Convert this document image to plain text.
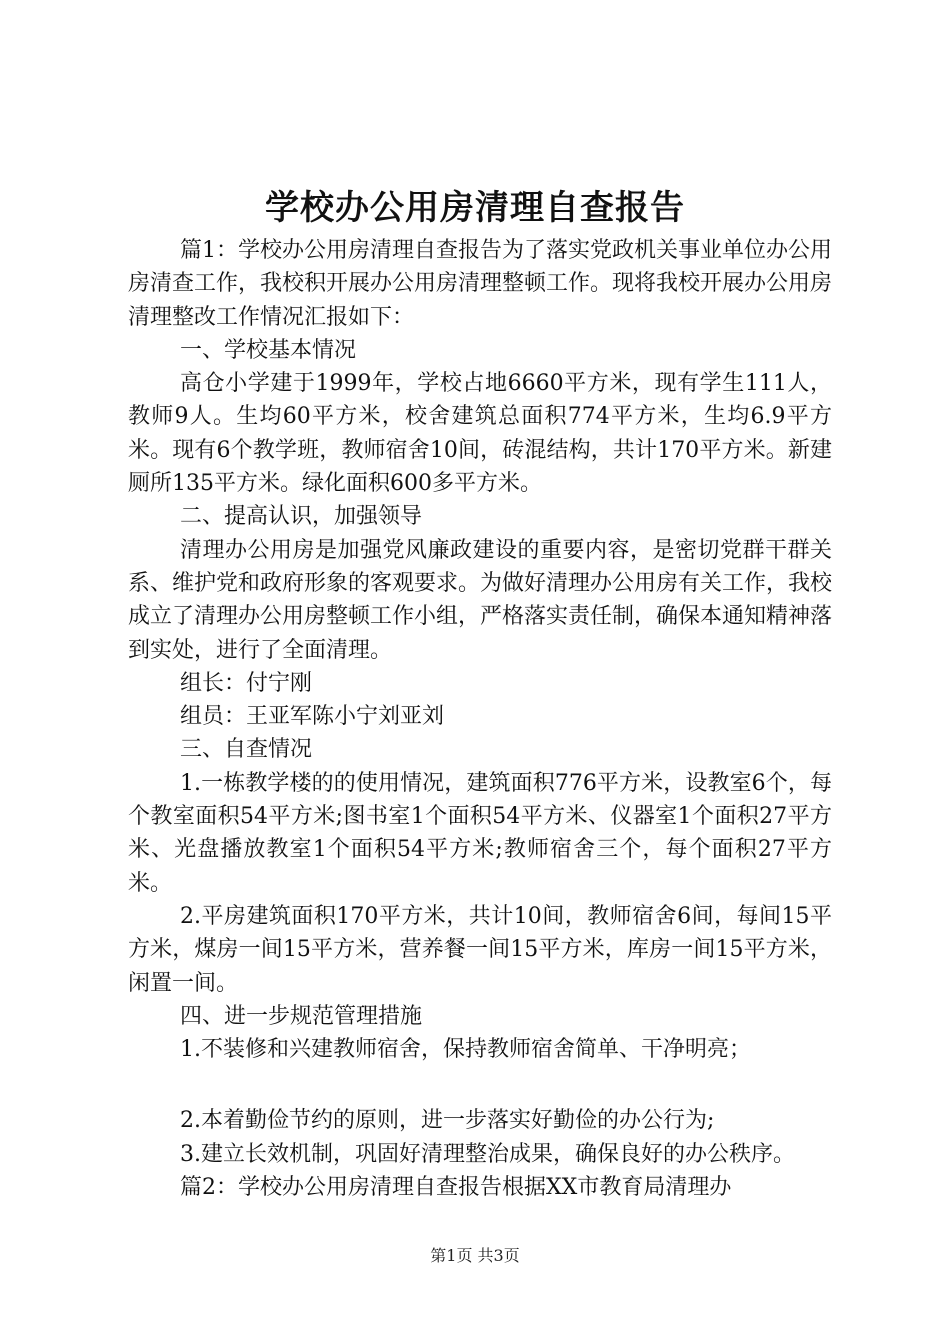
学校办公用房清理自查报告

篇1：学校办公用房清理自查报告为了落实党政机关事业单位办公用房清查工作，我校积开展办公用房清理整顿工作。现将我校开展办公用房清理整改工作情况汇报如下：

一、学校基本情况

高仓小学建于1999年，学校占地6660平方米，现有学生111人，教师9人。生均60平方米，校舍建筑总面积774平方米，生均6.9平方米。现有6个教学班，教师宿舍10间，砖混结构，共计170平方米。新建厕所135平方米。绿化面积600多平方米。

二、提高认识，加强领导

清理办公用房是加强党风廉政建设的重要内容，是密切党群干群关系、维护党和政府形象的客观要求。为做好清理办公用房有关工作，我校成立了清理办公用房整顿工作小组，严格落实责任制，确保本通知精神落到实处，进行了全面清理。

组长：付宁刚

组员：王亚军陈小宁刘亚刘

三、自查情况

1.一栋教学楼的的使用情况，建筑面积776平方米，设教室6个，每个教室面积54平方米;图书室1个面积54平方米、仪器室1个面积27平方米、光盘播放教室1个面积54平方米;教师宿舍三个，每个面积27平方米。

2.平房建筑面积170平方米，共计10间，教师宿舍6间，每间15平方米，煤房一间15平方米，营养餐一间15平方米，库房一间15平方米，闲置一间。

四、进一步规范管理措施

1.不装修和兴建教师宿舍，保持教师宿舍简单、干净明亮；

2.本着勤俭节约的原则，进一步落实好勤俭的办公行为;

3.建立长效机制，巩固好清理整治成果，确保良好的办公秩序。

篇2：学校办公用房清理自查报告根据XX市教育局清理办

第1页 共3页
